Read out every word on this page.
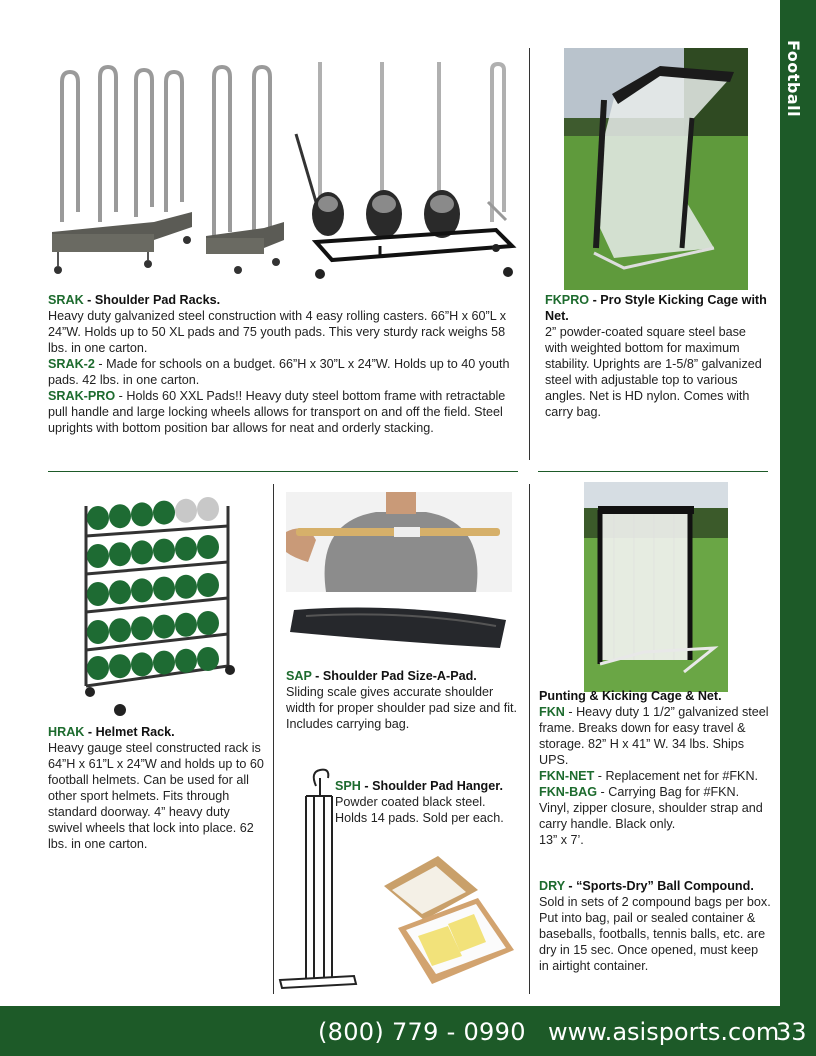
Football
SRAK - Shoulder Pad Racks.
Heavy duty galvanized steel construction with 4 easy rolling casters. 66”H x 60”L x 24”W. Holds up to 50 XL pads and 75 youth pads. This very sturdy rack weighs 58 lbs. in one carton.
SRAK-2 - Made for schools on a budget. 66”H x 30”L x 24”W. Holds up to 40 youth pads. 42 lbs. in one carton.
SRAK-PRO - Holds 60 XXL Pads!! Heavy duty steel bottom frame with retractable pull handle and large locking wheels allows for transport on and off the field. Steel uprights with bottom position bar allows for neat and orderly stacking.
FKPRO - Pro Style Kicking Cage with Net.
2” powder-coated square steel base with weighted bottom for maximum stability. Uprights are 1-5/8” galvanized steel with adjustable top to various angles. Net is HD nylon. Comes with carry bag.
HRAK - Helmet Rack.
Heavy gauge steel constructed rack is 64”H x 61”L x 24”W and holds up to 60 football helmets. Can be used for all other sport helmets. Fits through standard doorway. 4” heavy duty swivel wheels that lock into place. 62 lbs. in one carton.
SAP - Shoulder Pad Size-A-Pad.
Sliding scale gives accurate shoulder width for proper shoulder pad size and fit. Includes carrying bag.
SPH - Shoulder Pad Hanger.
Powder coated black steel. Holds 14 pads. Sold per each.
Punting & Kicking Cage & Net.
FKN - Heavy duty 1 1/2” galvanized steel frame. Breaks down for easy travel & storage. 82” H x 41” W. 34 lbs. Ships UPS.
FKN-NET - Replacement net for #FKN.
FKN-BAG - Carrying Bag for #FKN. Vinyl, zipper closure, shoulder strap and carry handle. Black only.
13” x 7’.
DRY - “Sports-Dry” Ball Compound.
Sold in sets of 2 compound bags per box. Put into bag, pail or sealed container & baseballs, footballs, tennis balls, etc. are dry in 15 sec. Once opened, must keep in airtight container.
(800) 779 - 0990 www.asisports.com
33
